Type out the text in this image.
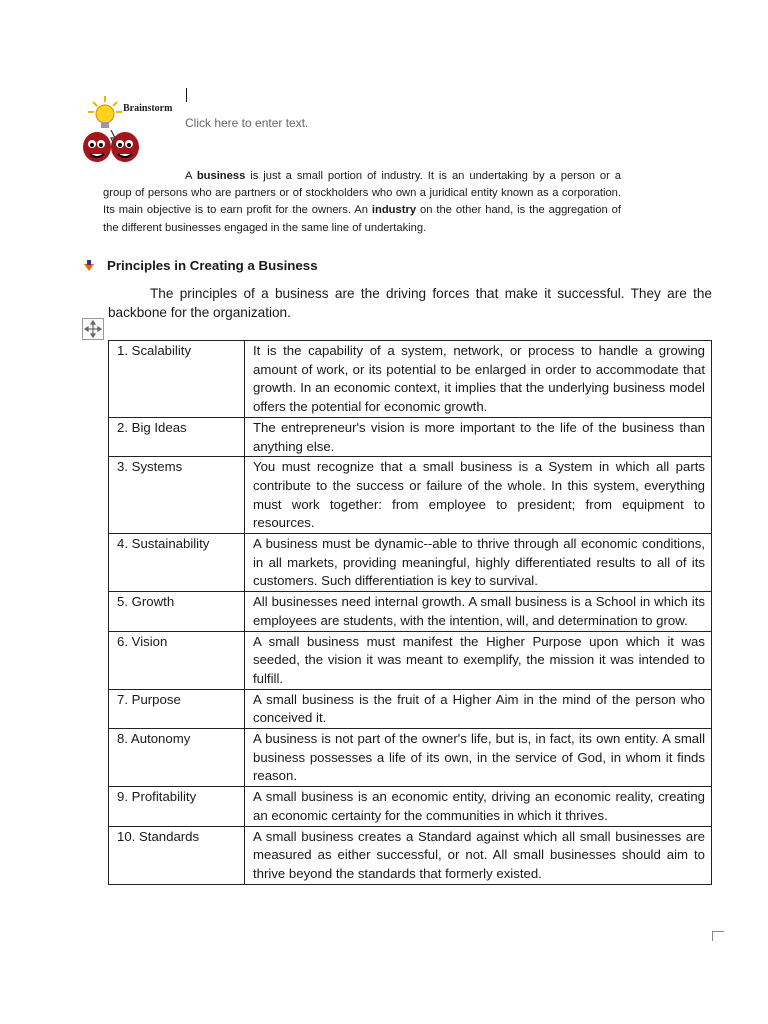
Brainstorm
Click here to enter text.
A business is just a small portion of industry. It is an undertaking by a person or a group of persons who are partners or of stockholders who own a juridical entity known as a corporation. Its main objective is to earn profit for the owners. An industry on the other hand, is the aggregation of the different businesses engaged in the same line of undertaking.
Principles in Creating a Business
The principles of a business are the driving forces that make it successful. They are the backbone for the organization.
1. Scalability	It is the capability of a system, network, or process to handle a growing amount of work, or its potential to be enlarged in order to accommodate that growth. In an economic context, it implies that the underlying business model offers the potential for economic growth.
2. Big Ideas	The entrepreneur's vision is more important to the life of the business than anything else.
3. Systems	You must recognize that a small business is a System in which all parts contribute to the success or failure of the whole. In this system, everything must work together: from employee to president; from equipment to resources.
4. Sustainability	A business must be dynamic--able to thrive through all economic conditions, in all markets, providing meaningful, highly differentiated results to all of its customers. Such differentiation is key to survival.
5. Growth	All businesses need internal growth. A small business is a School in which its employees are students, with the intention, will, and determination to grow.
6. Vision	A small business must manifest the Higher Purpose upon which it was seeded, the vision it was meant to exemplify, the mission it was intended to fulfill.
7. Purpose	A small business is the fruit of a Higher Aim in the mind of the person who conceived it.
8. Autonomy	A business is not part of the owner's life, but is, in fact, its own entity. A small business possesses a life of its own, in the service of God, in whom it finds reason.
9. Profitability	A small business is an economic entity, driving an economic reality, creating an economic certainty for the communities in which it thrives.
10. Standards	A small business creates a Standard against which all small businesses are measured as either successful, or not. All small businesses should aim to thrive beyond the standards that formerly existed.
